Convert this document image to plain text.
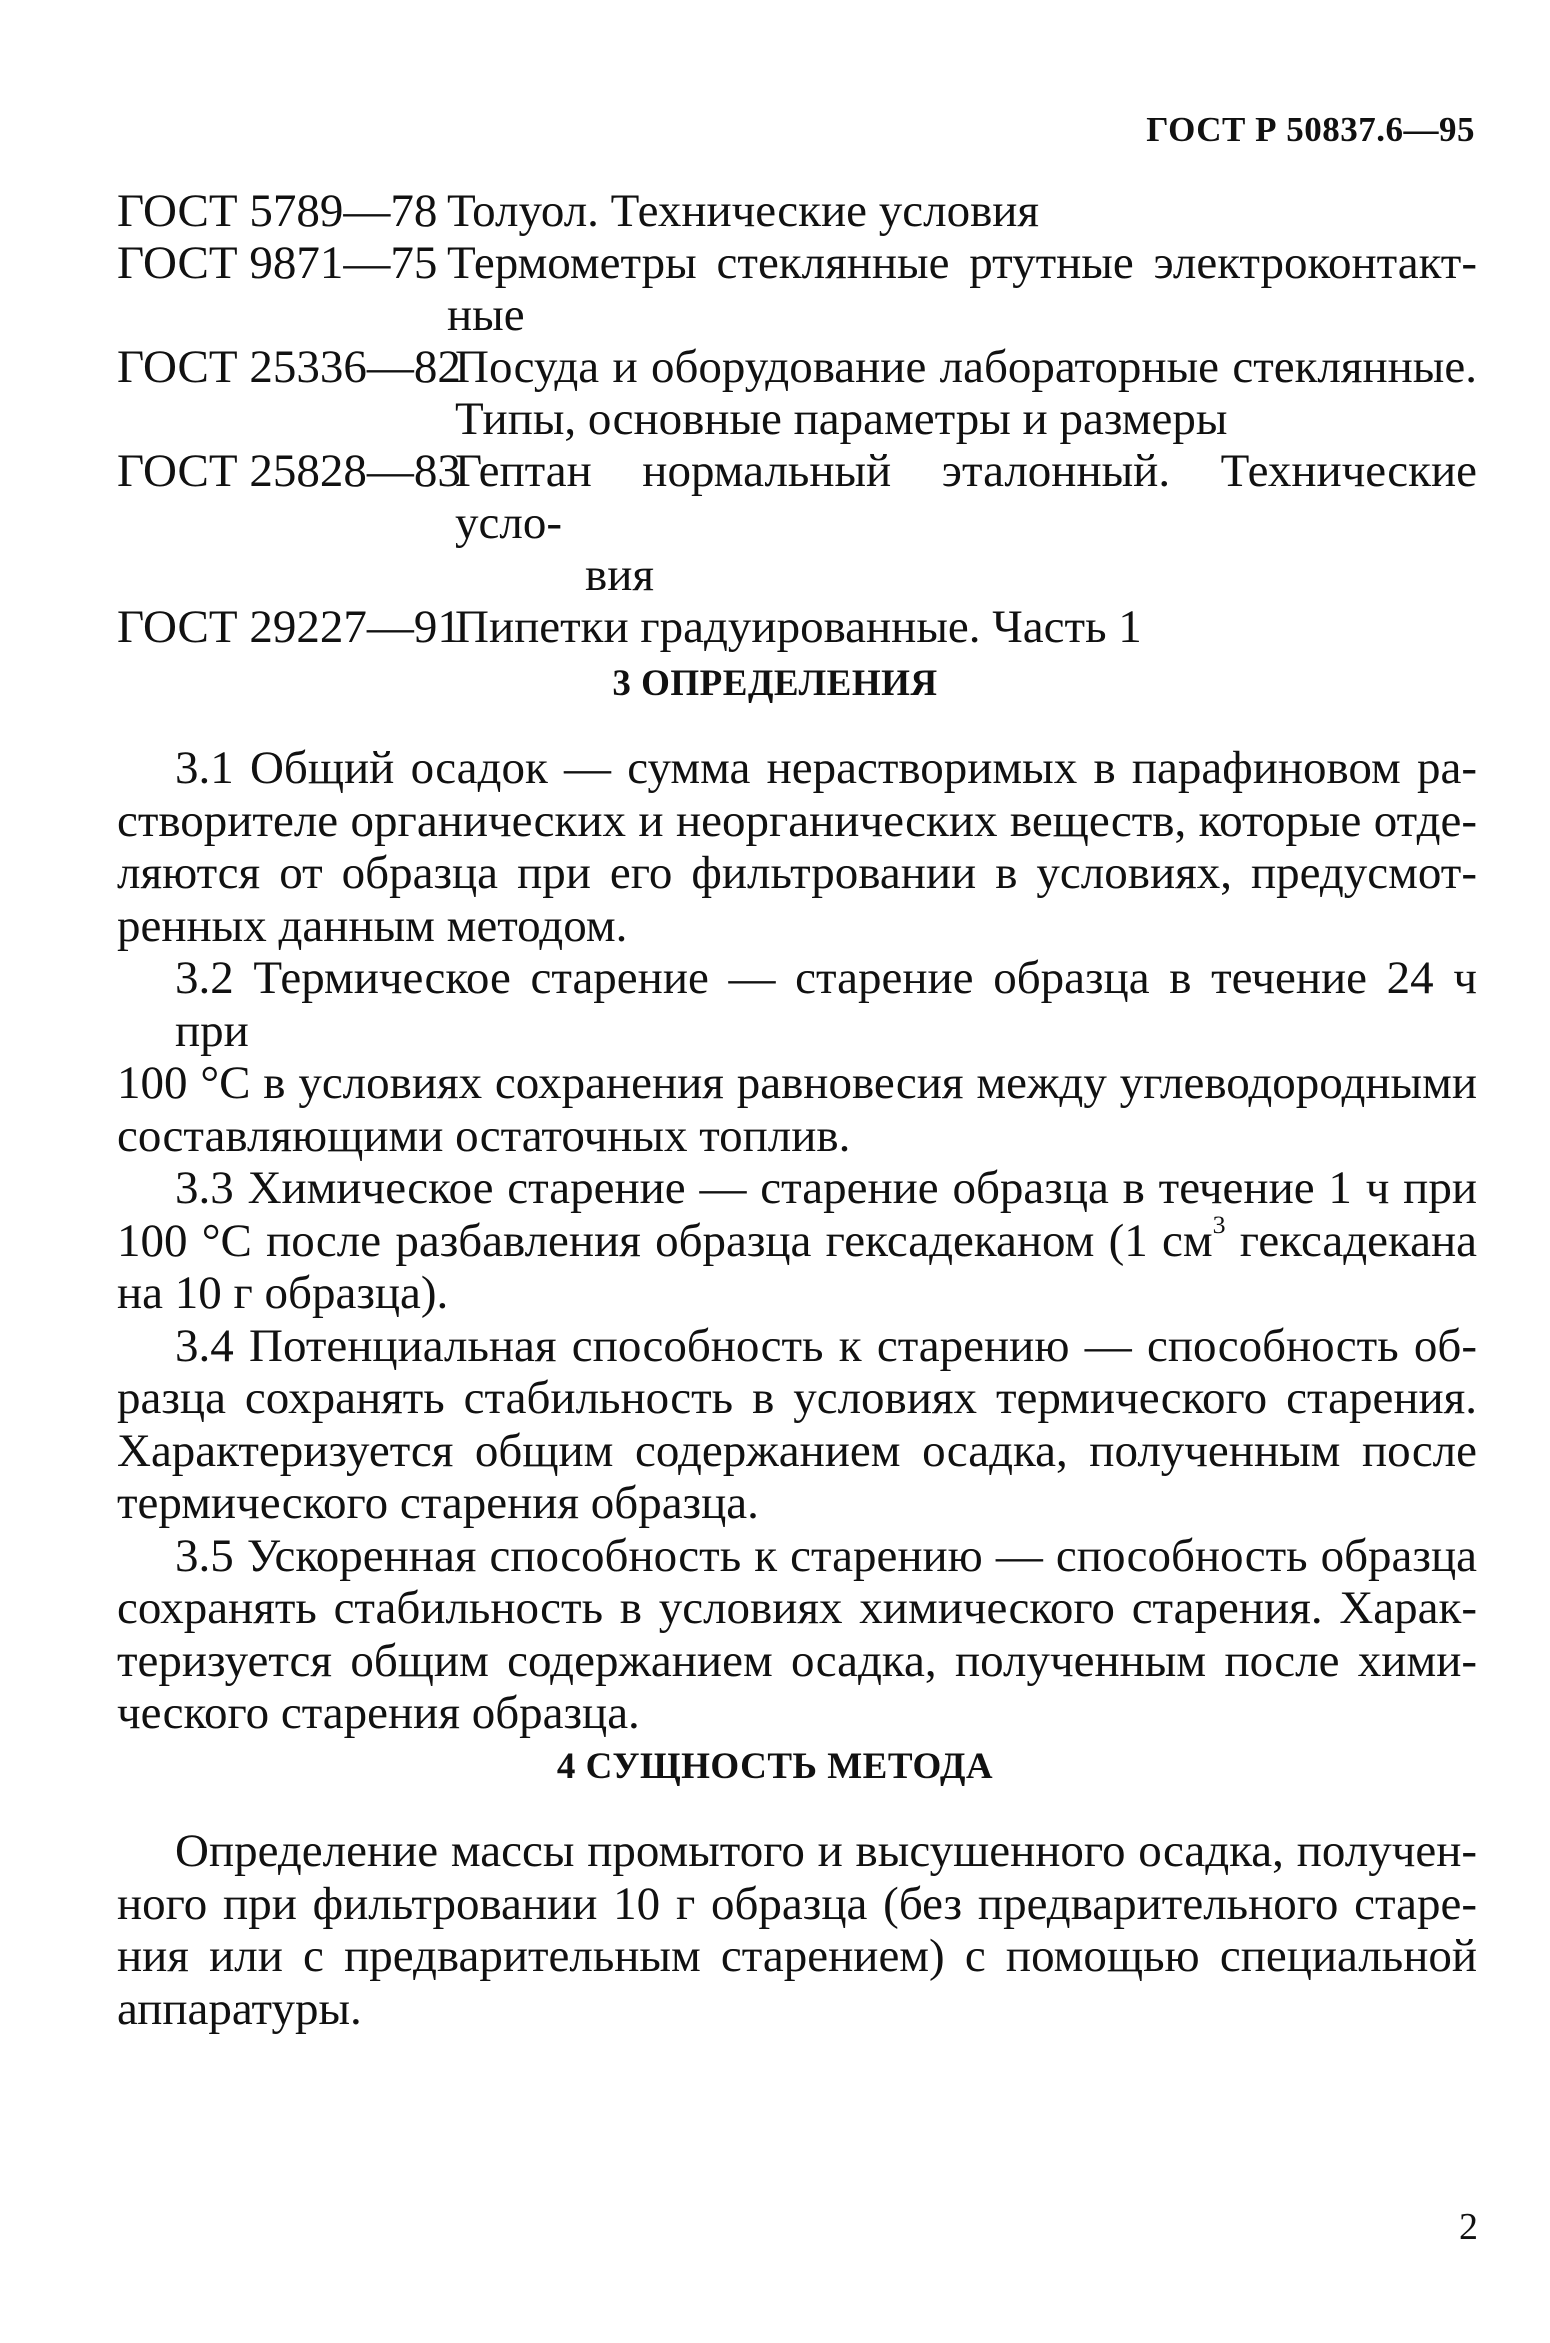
ГОСТ Р 50837.6—95
ГОСТ 5789—78 Толуол. Технические условия
ГОСТ 9871—75 Термометры стеклянные ртутные электроконтакт-
ные
ГОСТ 25336—82
Посуда и оборудование лабораторные стеклянные.
Типы, основные параметры и размеры
ГОСТ 25828—83
Гептан нормальный эталонный. Технические усло-
вия
ГОСТ 29227—91
Пипетки градуированные. Часть 1
3 ОПРЕДЕЛЕНИЯ

3.1 Общий осадок — сумма нерастворимых в парафиновом ра-
створителе органических и неорганических веществ, которые отде-
ляются от образца при его фильтровании в условиях, предусмот-
ренных данным методом.

3.2 Термическое старение — старение образца в течение 24 ч при
100 °С в условиях сохранения равновесия между углеводородными
составляющими остаточных топлив.

3.3 Химическое старение — старение образца в течение 1 ч при
100 °С после разбавления образца гексадеканом (1 $см^3$ гексадекана
на 10 г образца).

3.4 Потенциальная способность к старению — способность об-
разца сохранять стабильность в условиях термического старения.
Характеризуется общим содержанием осадка, полученным после
термического старения образца.

3.5 Ускоренная способность к старению — способность образца
сохранять стабильность в условиях химического старения. Харак-
теризуется общим содержанием осадка, полученным после хими-
ческого старения образца.

4 СУЩНОСТЬ МЕТОДА

Определение массы промытого и высушенного осадка, получен-
ного при фильтровании 10 г образца (без предварительного старе-
ния или с предварительным старением) с помощью специальной
аппаратуры.

2
